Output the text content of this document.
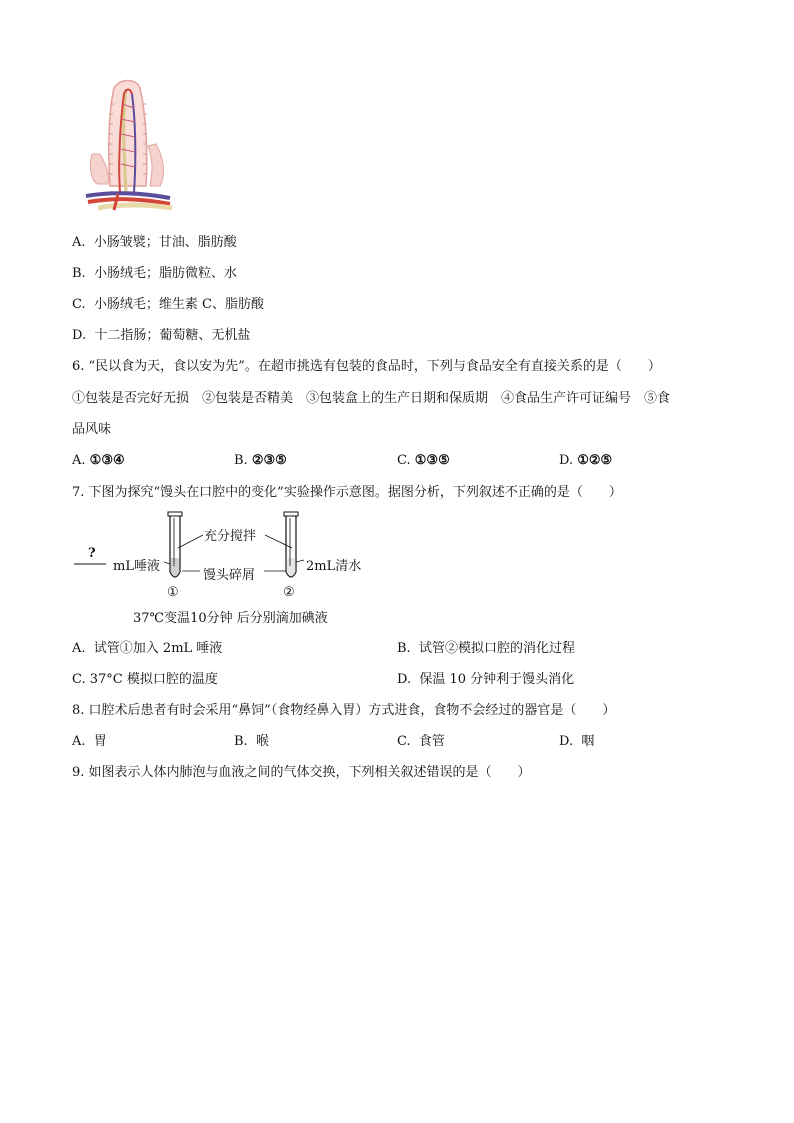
A. 小肠皱襞；甘油、脂肪酸
B. 小肠绒毛；脂肪微粒、水
C. 小肠绒毛；维生素 C、脂肪酸
D. 十二指肠；葡萄糖、无机盐
6. “民以食为天，食以安为先”。在超市挑选有包装的食品时，下列与食品安全有直接关系的是（　　）
①包装是否完好无损　②包装是否精美　③包装盒上的生产日期和保质期　④食品生产许可证编号　⑤食
品风味
A. ①③④	B. ②③⑤	C. ①③⑤	D. ①②⑤
7. 下图为探究“馒头在口腔中的变化”实验操作示意图。据图分析，下列叙述不正确的是（　　）
?
mL唾液
充分搅拌
2mL清水
馒头碎屑
①	②
37℃变温10分钟 后分别滴加碘液
A. 试管①加入 2mL 唾液	B. 试管②模拟口腔的消化过程
C. 37°C 模拟口腔的温度	D. 保温 10 分钟利于馒头消化
8. 口腔术后患者有时会采用“鼻饲”（食物经鼻入胃）方式进食，食物不会经过的器官是（　　）
A. 胃	B. 喉	C. 食管	D. 咽
9. 如图表示人体内肺泡与血液之间的气体交换，下列相关叙述错误的是（　　）
